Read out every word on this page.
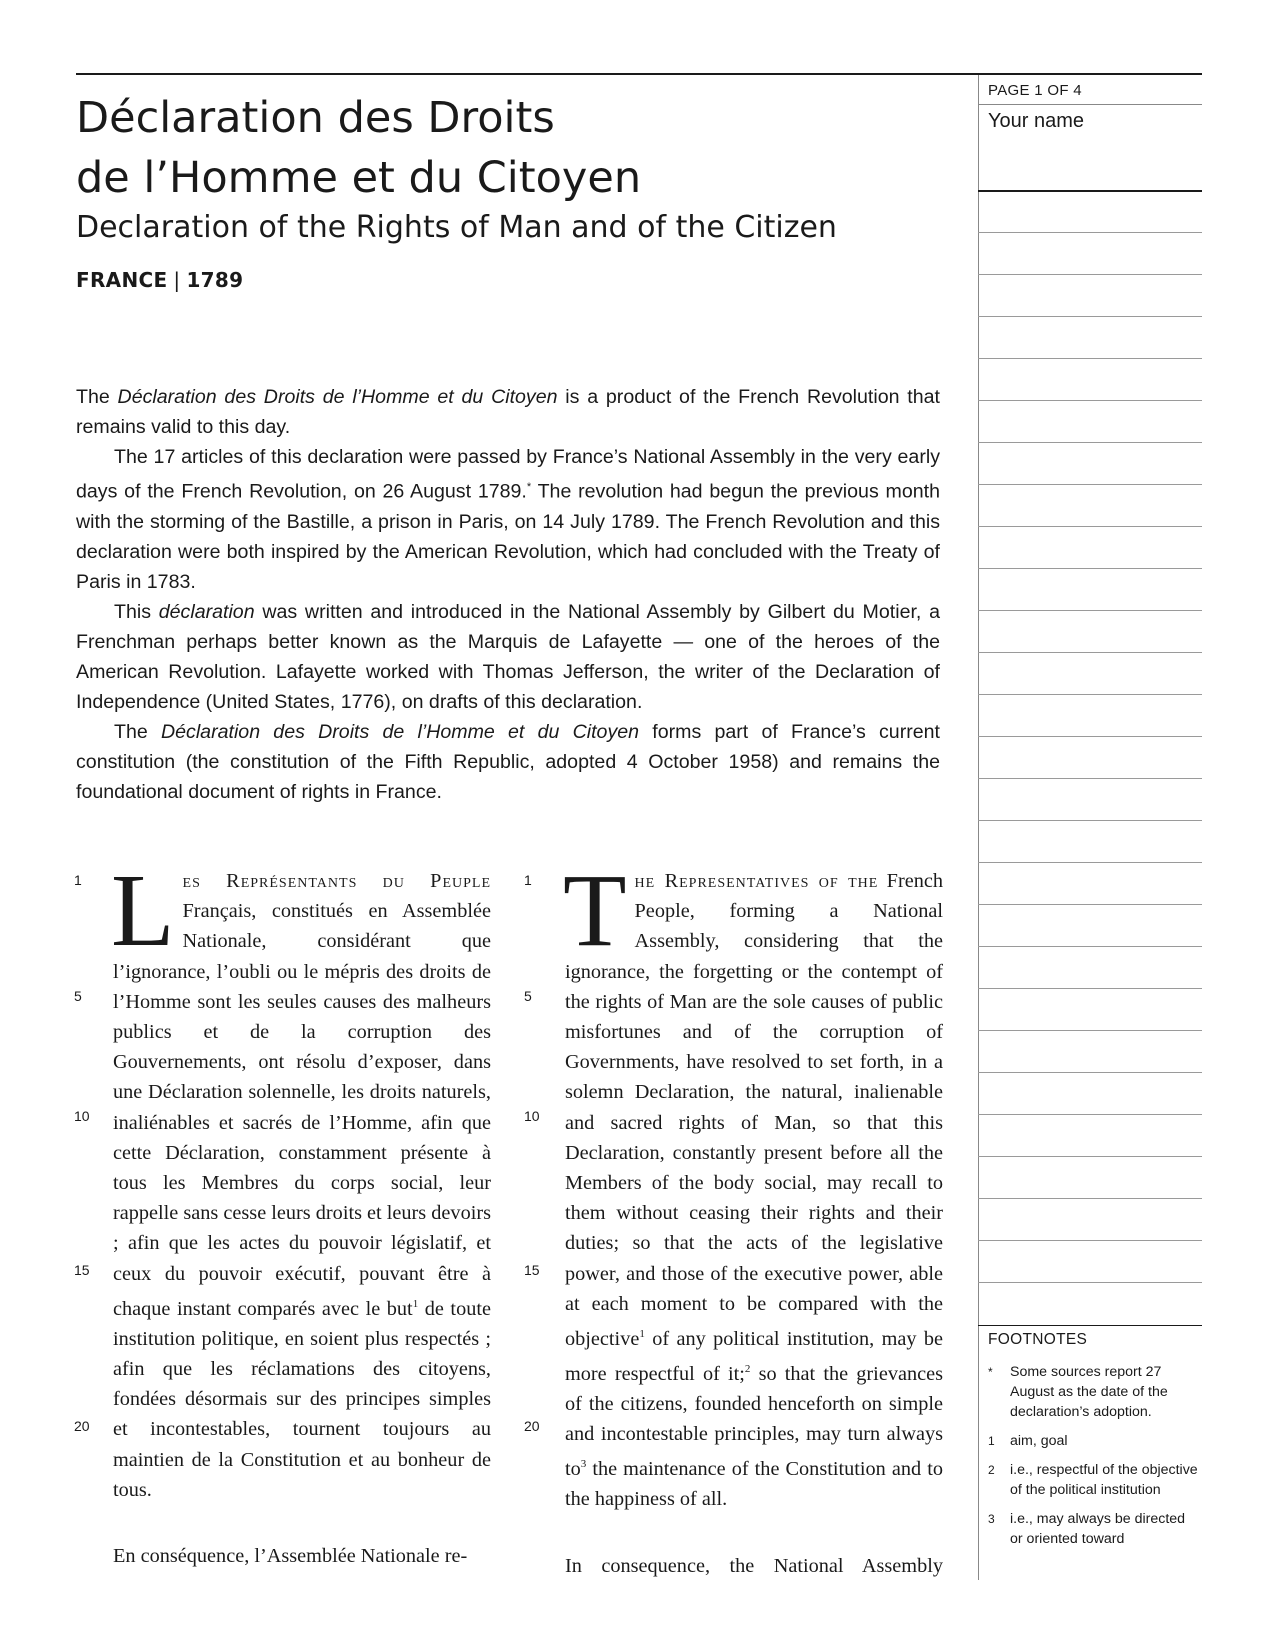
Déclaration des Droits
de l’Homme et du Citoyen
Declaration of the Rights of Man and of the Citizen
FRANCE | 1789

The Déclaration des Droits de l’Homme et du Citoyen is a product of the French Revolution that remains valid to this day.

The 17 articles of this declaration were passed by France’s National Assembly in the very early days of the French Revolution, on 26 August 1789.* The revolution had begun the previous month with the storming of the Bastille, a prison in Paris, on 14 July 1789. The French Revolution and this declaration were both inspired by the American Revolution, which had concluded with the Treaty of Paris in 1783.

This déclaration was written and introduced in the National Assembly by Gilbert du Motier, a Frenchman perhaps better known as the Marquis de Lafayette — one of the heroes of the American Revolution. Lafayette worked with Thomas Jefferson, the writer of the Declaration of Independence (United States, 1776), on drafts of this declaration.

The Déclaration des Droits de l’Homme et du Citoyen forms part of France’s current constitution (the constitution of the Fifth Republic, adopted 4 October 1958) and remains the foundational document of rights in France.

1
5
10
15
20
1
5
10
15
20

Les Représentants du Peuple Français, constitués en Assemblée Nationale, considérant que l’ignorance, l’oubli ou le mépris des droits de l’Homme sont les seules causes des malheurs publics et de la corruption des Gouvernements, ont résolu d’exposer, dans une Déclaration solennelle, les droits naturels, inaliénables et sacrés de l’Homme, afin que cette Déclaration, constamment présente à tous les Membres du corps social, leur rappelle sans cesse leurs droits et leurs devoirs ; afin que les actes du pouvoir législatif, et ceux du pouvoir exécutif, pouvant être à chaque instant comparés avec le but$^1$ de toute institution politique, en soient plus respectés ; afin que les réclamations des citoyens, fondées désormais sur des principes simples et incontestables, tournent toujours au maintien de la Constitution et au bonheur de tous.

En conséquence, l’Assemblée Nationale re-

The Representatives of the French People, forming a National Assembly, considering that the ignorance, the forgetting or the contempt of the rights of Man are the sole causes of public misfortunes and of the corruption of Governments, have resolved to set forth, in a solemn Declaration, the natural, inalienable and sacred rights of Man, so that this Declaration, constantly present before all the Members of the body social, may recall to them without ceasing their rights and their duties; so that the acts of the legislative power, and those of the executive power, able at each moment to be compared with the objective$^1$ of any political institution, may be more respectful of it;$^2$ so that the grievances of the citizens, founded henceforth on simple and incontestable principles, may turn always $to^3$ the maintenance of the Constitution and to the happiness of all.

In consequence, the National Assembly

PAGE 1 OF 4
Your name
FOOTNOTES
*	Some sources report 27 August as the date of the declaration’s adoption.
1	aim, goal
2	i.e., respectful of the objective of the political institution
3	i.e., may always be directed or oriented toward
